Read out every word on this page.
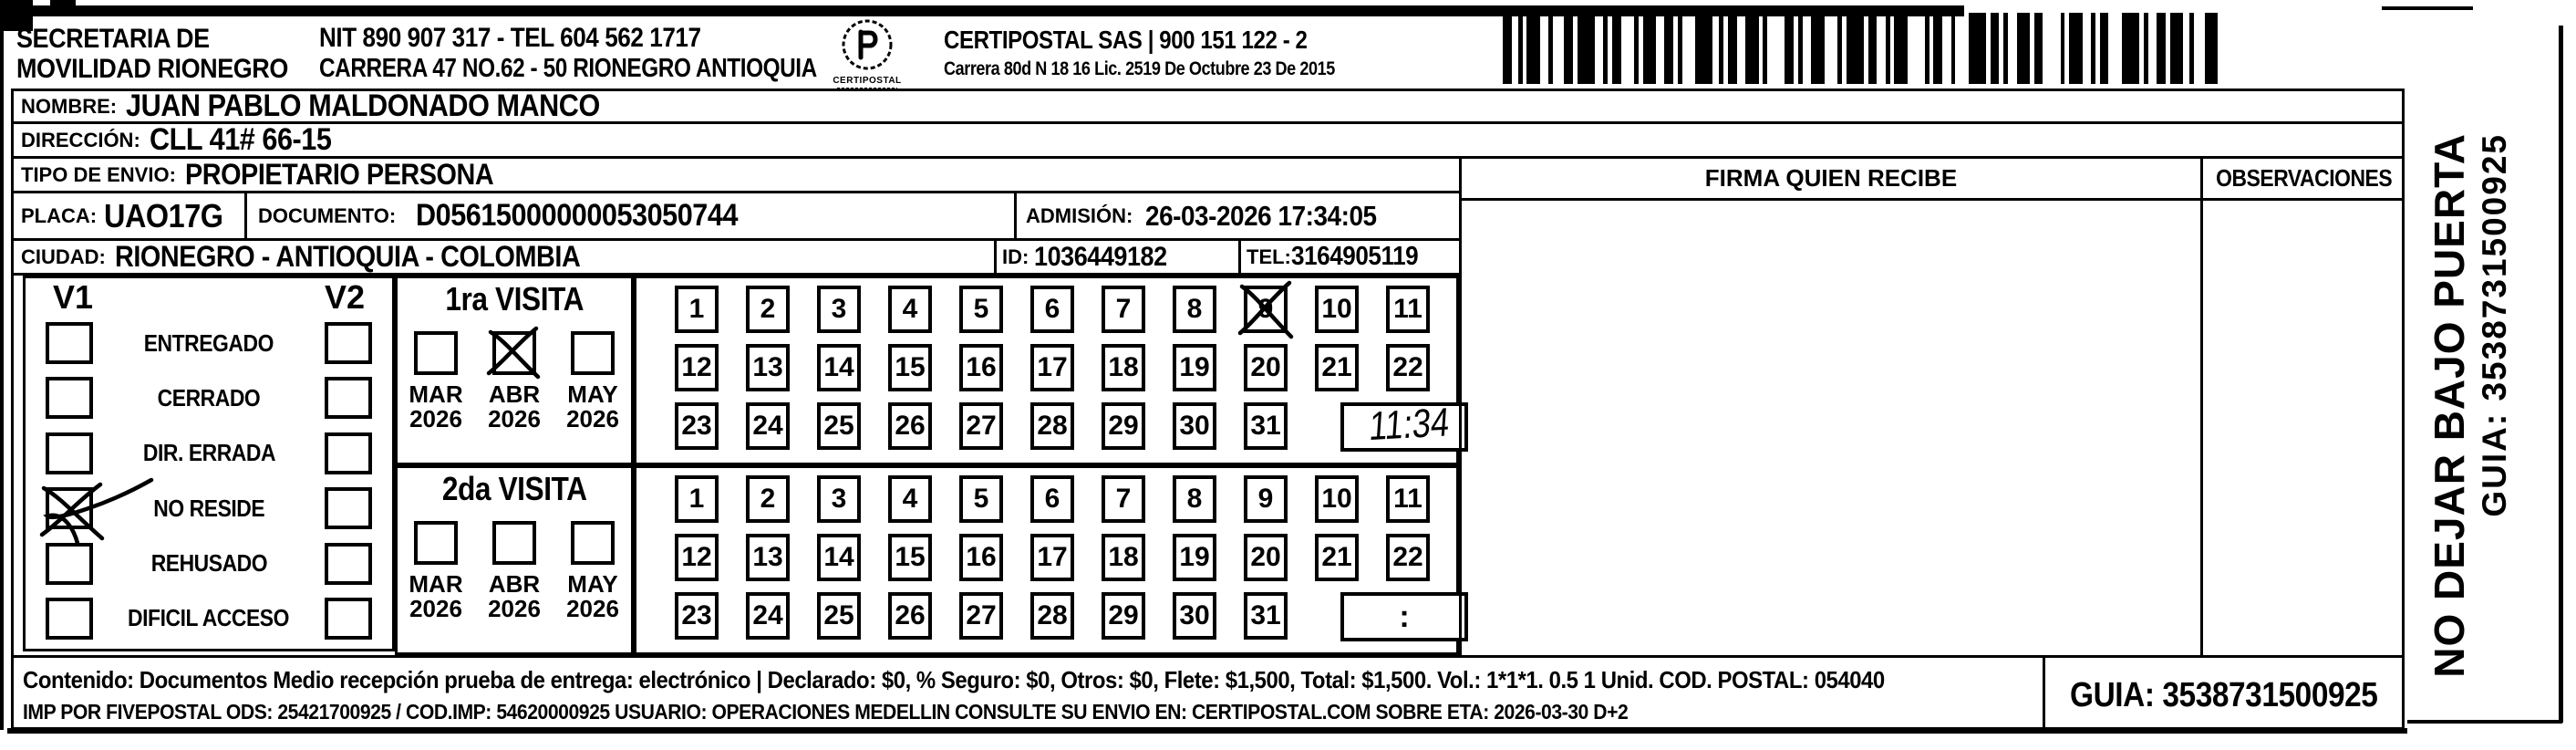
SECRETARIA DE
MOVILIDAD RIONEGRO
NIT 890 907 317 - TEL 604 562 1717
CARRERA 47 NO.62 - 50 RIONEGRO ANTIOQUIA	CERTIPOSTAL
CERTIPOSTAL SAS | 900 151 122 - 2
Carrera 80d N 18 16 Lic. 2519 De Octubre 23 De 2015
NOMBRE: JUAN PABLO MALDONADO MANCO
DIRECCIÓN: CLL 41# 66-15
TIPO DE ENVIO: PROPIETARIO PERSONA
PLACA: UAO17G	DOCUMENTO: D05615000000053050744	ADMISIÓN: 26-03-2026 17:34:05
CIUDAD: RIONEGRO - ANTIOQUIA - COLOMBIA	ID: 1036449182	TEL: 3164905119
V1	V2
ENTREGADO
CERRADO
DIR. ERRADA
NO RESIDE
REHUSADO
DIFICIL ACCESO
1ra VISITA
MAR
2026
ABR
2026
MAY
2026
2da VISITA
MAR
2026
ABR
2026
MAY
2026
1 2 3 4 5 6 7 8 9 10 11
12 13 14 15 16 17 18 19 20 21 22
23 24 25 26 27 28 29 30 31 11:34
1 2 3 4 5 6 7 8 9 10 11
12 13 14 15 16 17 18 19 20 21 22
23 24 25 26 27 28 29 30 31	:
FIRMA QUIEN RECIBE	OBSERVACIONES
Contenido: Documentos Medio recepción prueba de entrega: electrónico | Declarado: $0, % Seguro: $0, Otros: $0, Flete: $1,500, Total: $1,500. Vol.: 1*1*1. 0.5 1 Unid. COD. POSTAL: 054040
IMP POR FIVEPOSTAL ODS: 25421700925 / COD.IMP: 54620000925 USUARIO: OPERACIONES MEDELLIN CONSULTE SU ENVIO EN: CERTIPOSTAL.COM SOBRE ETA: 2026-03-30 D+2	GUIA: 3538731500925
NO DEJAR BAJO PUERTA GUIA: 3538731500925
